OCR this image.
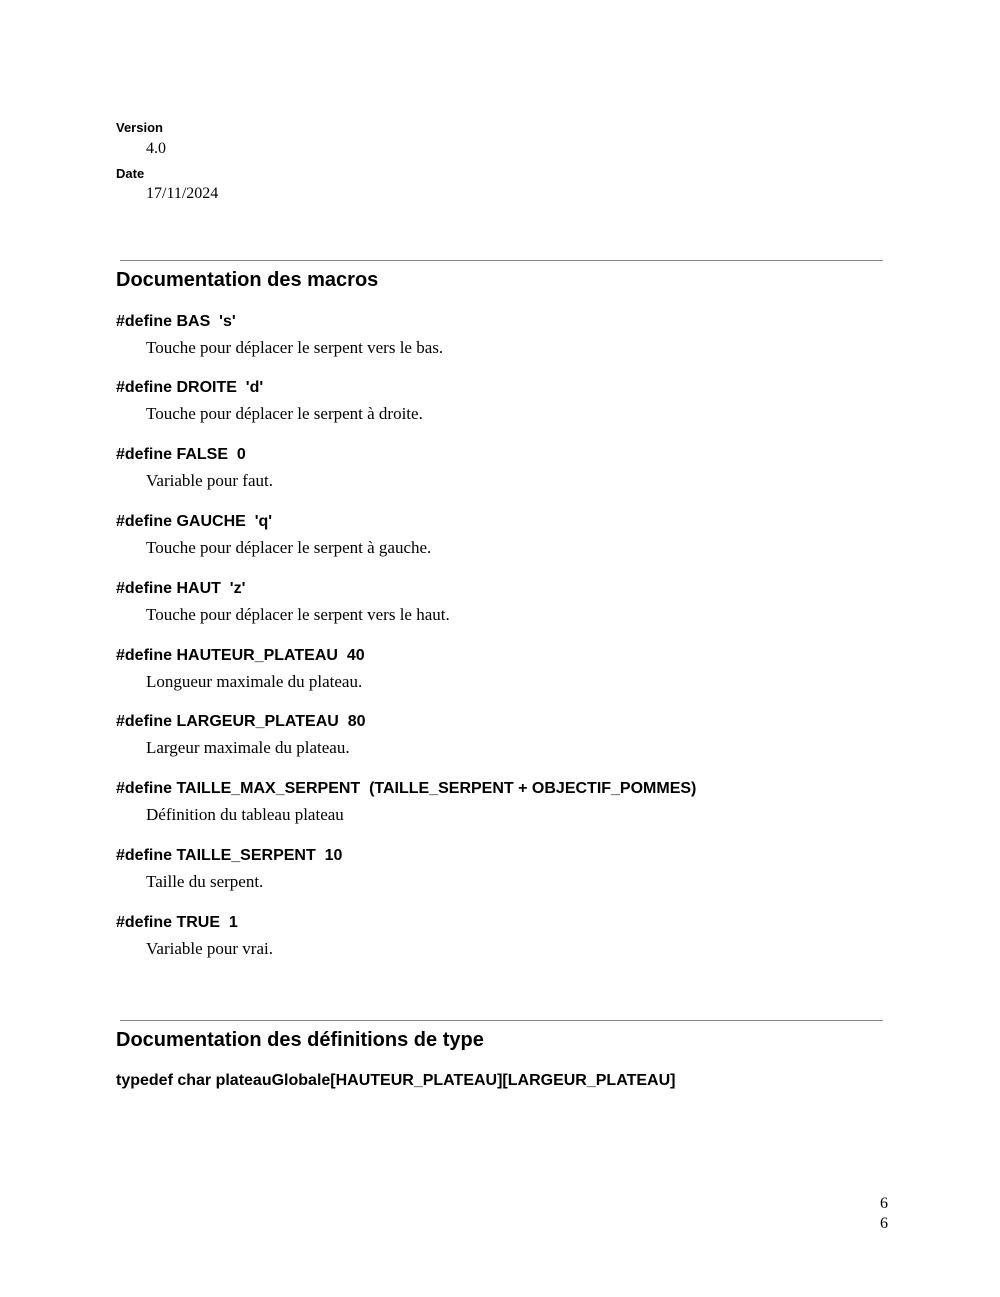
Version
4.0
Date
17/11/2024
Documentation des macros
#define BAS  's'
Touche pour déplacer le serpent vers le bas.
#define DROITE  'd'
Touche pour déplacer le serpent à droite.
#define FALSE  0
Variable pour faut.
#define GAUCHE  'q'
Touche pour déplacer le serpent à gauche.
#define HAUT  'z'
Touche pour déplacer le serpent vers le haut.
#define HAUTEUR_PLATEAU  40
Longueur maximale du plateau.
#define LARGEUR_PLATEAU  80
Largeur maximale du plateau.
#define TAILLE_MAX_SERPENT  (TAILLE_SERPENT + OBJECTIF_POMMES)
Définition du tableau plateau
#define TAILLE_SERPENT  10
Taille du serpent.
#define TRUE  1
Variable pour vrai.
Documentation des définitions de type
typedef char plateauGlobale[HAUTEUR_PLATEAU][LARGEUR_PLATEAU]
6
6
